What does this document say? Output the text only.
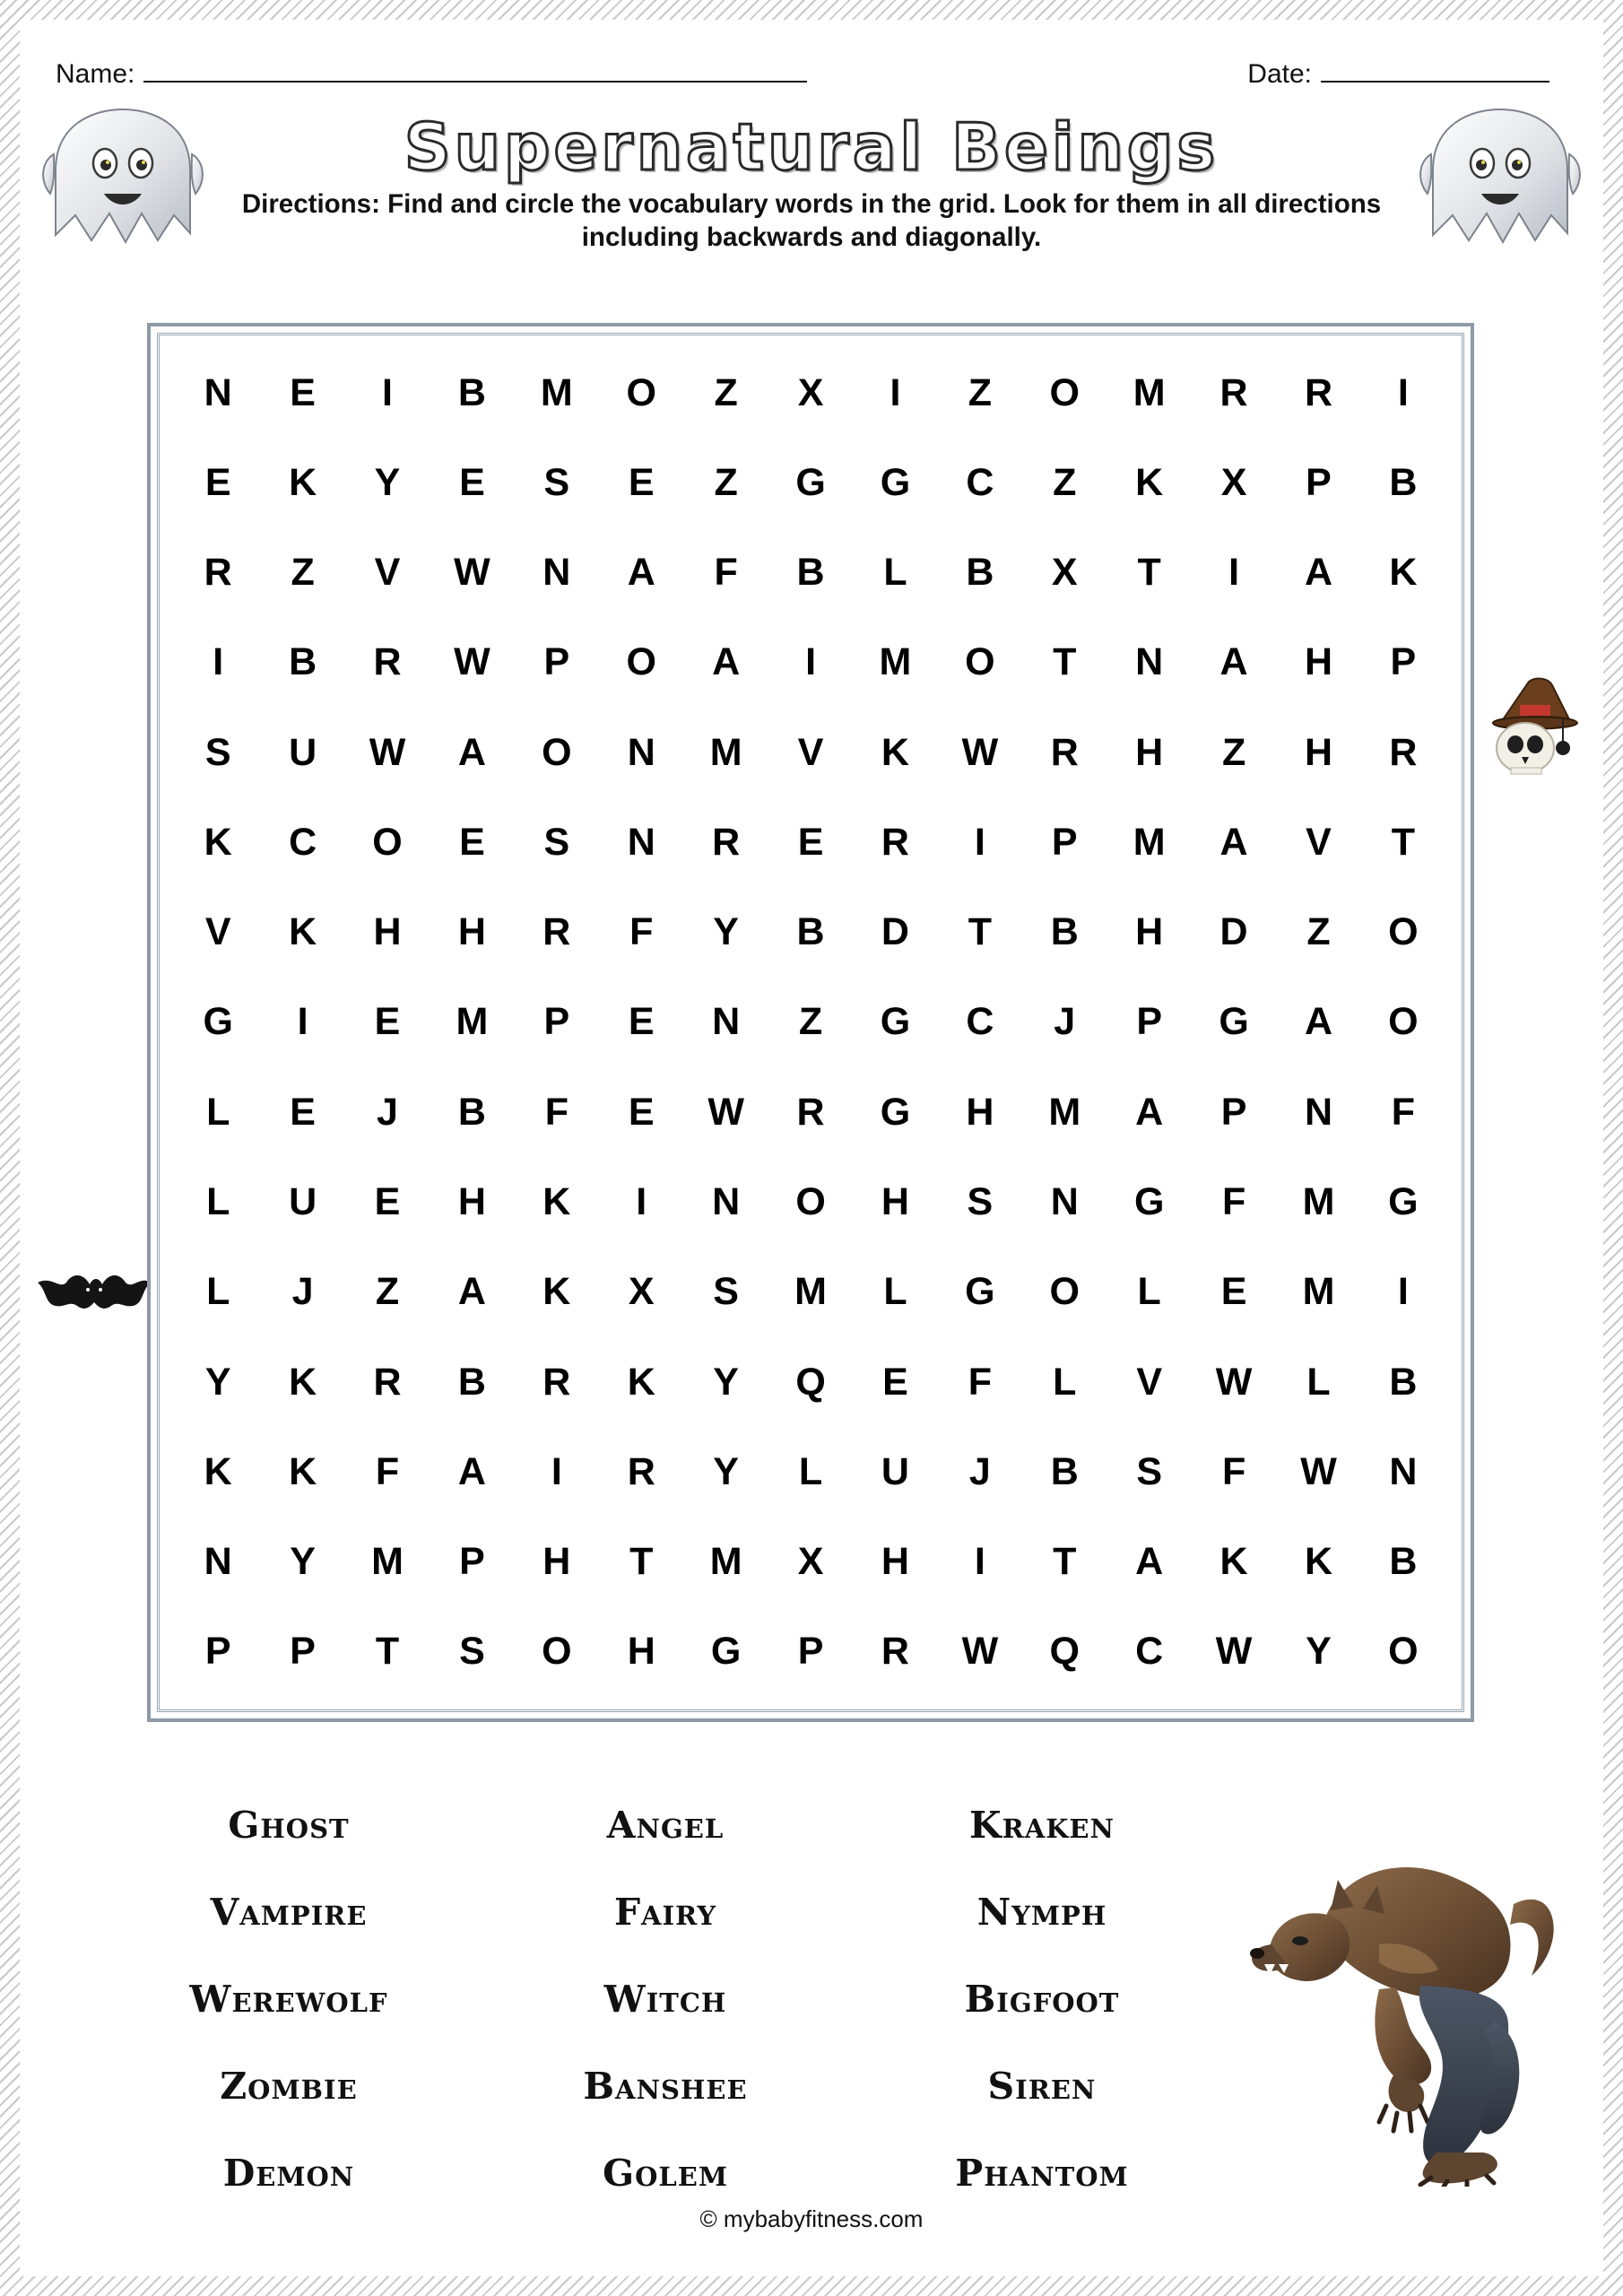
Name:	Date:
Supernatural Beings

Directions: Find and circle the vocabulary words in the grid. Look for them in all directions including backwards and diagonally.

N	E	I	B	M	O	Z	X	I	Z	O	M	R	R	I
E	K	Y	E	S	E	Z	G	G	C	Z	K	X	P	B
R	Z	V	W	N	A	F	B	L	B	X	T	I	A	K
I	B	R	W	P	O	A	I	M	O	T	N	A	H	P
S	U	W	A	O	N	M	V	K	W	R	H	Z	H	R
K	C	O	E	S	N	R	E	R	I	P	M	A	V	T
V	K	H	H	R	F	Y	B	D	T	B	H	D	Z	O
G	I	E	M	P	E	N	Z	G	C	J	P	G	A	O
L	E	J	B	F	E	W	R	G	H	M	A	P	N	F
L	U	E	H	K	I	N	O	H	S	N	G	F	M	G
L	J	Z	A	K	X	S	M	L	G	O	L	E	M	I
Y	K	R	B	R	K	Y	Q	E	F	L	V	W	L	B
K	K	F	A	I	R	Y	L	U	J	B	S	F	W	N
N	Y	M	P	H	T	M	X	H	I	T	A	K	K	B
P	P	T	S	O	H	G	P	R	W	Q	C	W	Y	O
Ghost	Angel	Kraken
Vampire	Fairy	Nymph
Werewolf	Witch	Bigfoot
Zombie	Banshee	Siren
Demon	Golem	Phantom
© mybabyfitness.com
